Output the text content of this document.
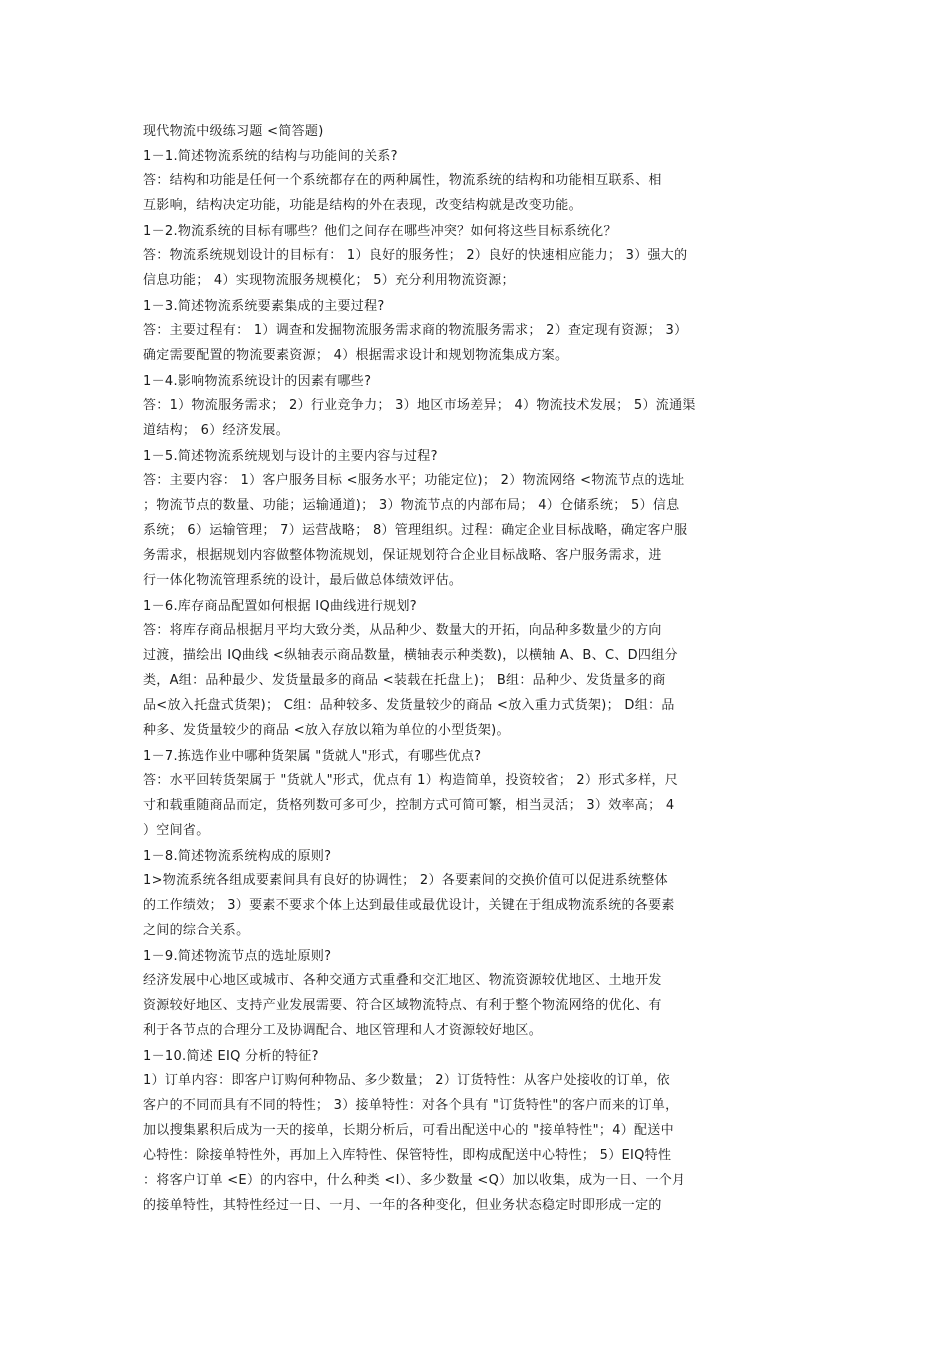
现代物流中级练习题 <简答题)
1－1.简述物流系统的结构与功能间的关系?
答：结构和功能是任何一个系统都存在的两种属性，物流系统的结构和功能相互联系、相
互影响，结构决定功能，功能是结构的外在表现，改变结构就是改变功能。
1－2.物流系统的目标有哪些？他们之间存在哪些冲突？如何将这些目标系统化？
答：物流系统规划设计的目标有： 1）良好的服务性； 2）良好的快速相应能力； 3）强大的
信息功能； 4）实现物流服务规模化； 5）充分利用物流资源；
1－3.简述物流系统要素集成的主要过程?
答：主要过程有： 1）调查和发掘物流服务需求商的物流服务需求； 2）查定现有资源； 3）
确定需要配置的物流要素资源； 4）根据需求设计和规划物流集成方案。
1－4.影响物流系统设计的因素有哪些?
答：1）物流服务需求； 2）行业竞争力； 3）地区市场差异； 4）物流技术发展； 5）流通渠
道结构； 6）经济发展。
1－5.简述物流系统规划与设计的主要内容与过程?
答：主要内容： 1）客户服务目标 <服务水平；功能定位)； 2）物流网络 <物流节点的选址
；物流节点的数量、功能；运输通道)； 3）物流节点的内部布局； 4）仓储系统； 5）信息
系统； 6）运输管理； 7）运营战略； 8）管理组织。过程：确定企业目标战略，确定客户服
务需求，根据规划内容做整体物流规划，保证规划符合企业目标战略、客户服务需求，进
行一体化物流管理系统的设计，最后做总体绩效评估。
1－6.库存商品配置如何根据 IQ曲线进行规划?
答：将库存商品根据月平均大致分类，从品种少、数量大的开拓，向品种多数量少的方向
过渡，描绘出 IQ曲线 <纵轴表示商品数量，横轴表示种类数)，以横轴 A、B、C、D四组分
类，A组：品种最少、发货量最多的商品 <装载在托盘上)； B组：品种少、发货量多的商
品<放入托盘式货架)； C组：品种较多、发货量较少的商品 <放入重力式货架)； D组：品
种多、发货量较少的商品 <放入存放以箱为单位的小型货架)。
1－7.拣选作业中哪种货架属 "货就人"形式，有哪些优点?
答：水平回转货架属于 "货就人"形式，优点有 1）构造简单，投资较省； 2）形式多样，尺
寸和载重随商品而定，货格列数可多可少，控制方式可简可繁，相当灵活； 3）效率高； 4
）空间省。
1－8.简述物流系统构成的原则?
1>物流系统各组成要素间具有良好的协调性； 2）各要素间的交换价值可以促进系统整体
的工作绩效； 3）要素不要求个体上达到最佳或最优设计，关键在于组成物流系统的各要素
之间的综合关系。
1－9.简述物流节点的选址原则?
经济发展中心地区或城市、各种交通方式重叠和交汇地区、物流资源较优地区、土地开发
资源较好地区、支持产业发展需要、符合区域物流特点、有利于整个物流网络的优化、有
利于各节点的合理分工及协调配合、地区管理和人才资源较好地区。
1－10.简述 EIQ 分析的特征?
1）订单内容：即客户订购何种物品、多少数量； 2）订货特性：从客户处接收的订单，依
客户的不同而具有不同的特性； 3）接单特性：对各个具有 "订货特性"的客户而来的订单，
加以搜集累积后成为一天的接单，长期分析后，可看出配送中心的 "接单特性"；4）配送中
心特性：除接单特性外，再加上入库特性、保管特性，即构成配送中心特性； 5）EIQ特性
：将客户订单 <E）的内容中，什么种类 <I）、多少数量 <Q）加以收集，成为一日、一个月
的接单特性，其特性经过一日、一月、一年的各种变化，但业务状态稳定时即形成一定的
